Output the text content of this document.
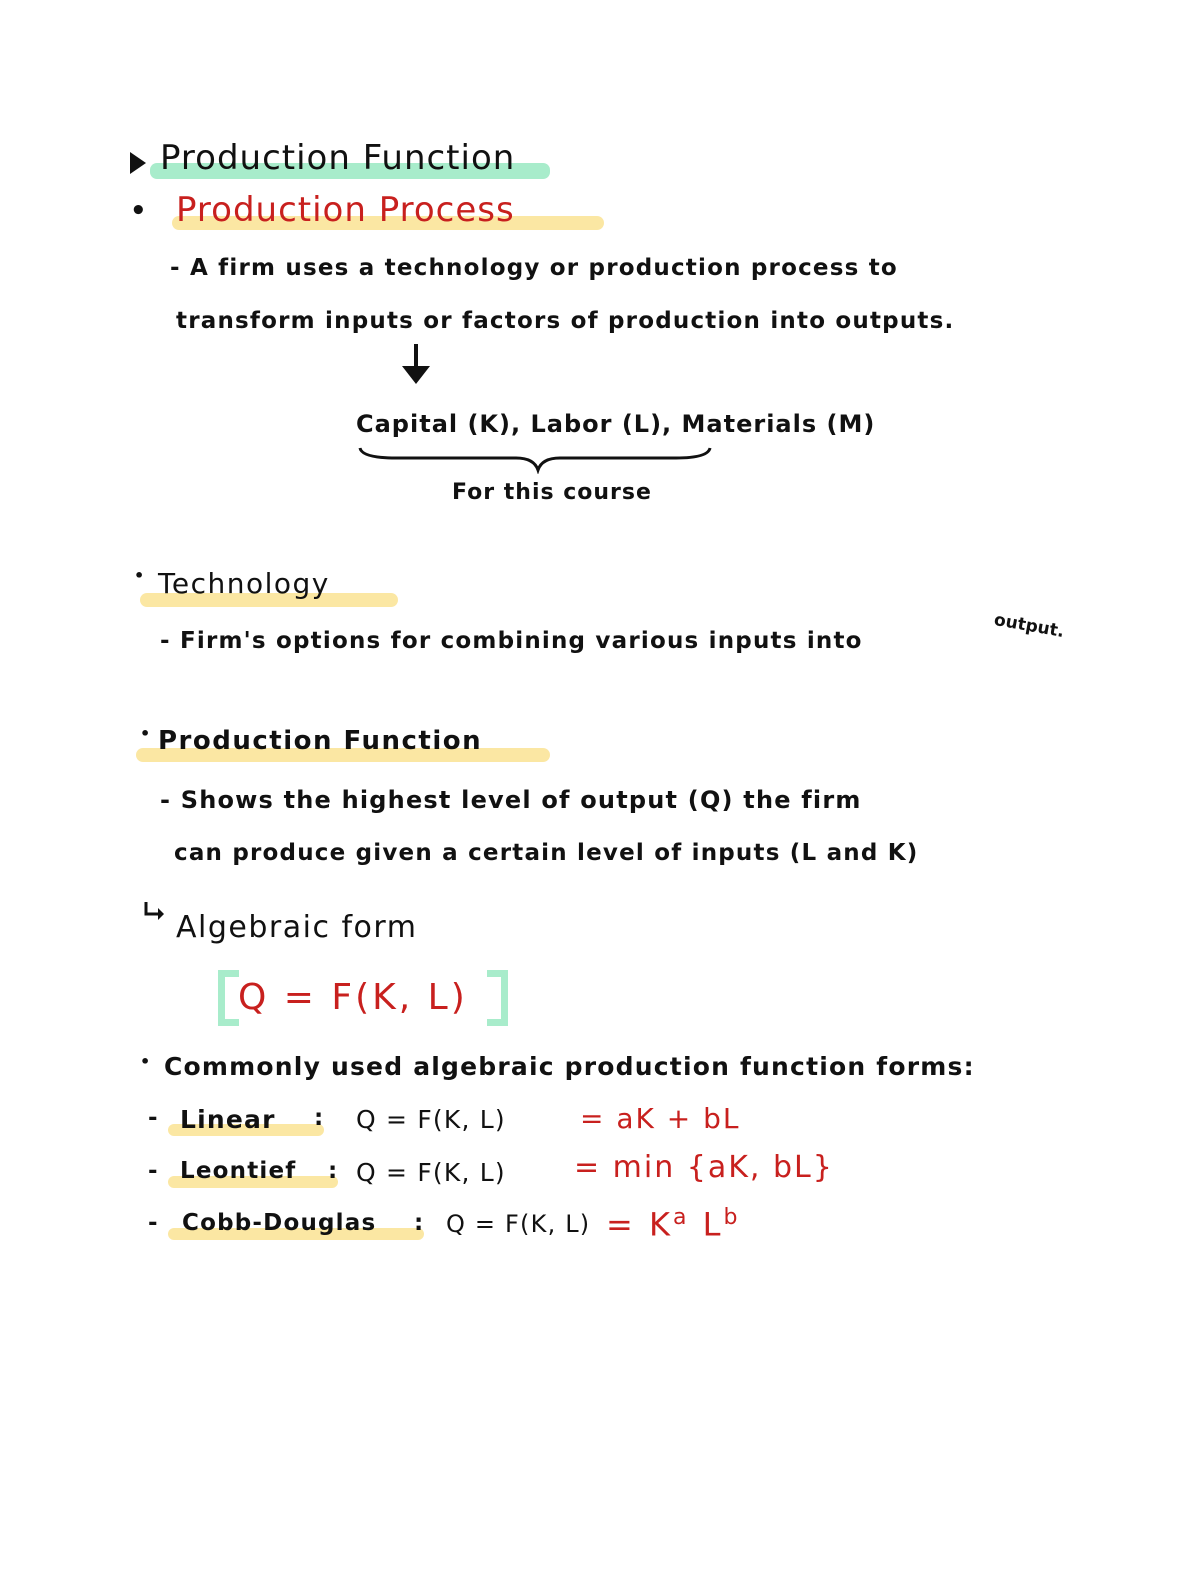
Production Function
• Production Process
- A firm uses a technology or production process to
transform inputs or factors of production into outputs.
Capital (K), Labor (L), Materials (M)
For this course
• Technology
- Firm's options for combining various inputs into	output.
• Production Function
- Shows the highest level of output (Q) the firm
can produce given a certain level of inputs (L and K)
Algebraic form
Q = F(K, L)
• Commonly used algebraic production function forms:
- Linear : Q = F(K, L)	= aK + bL
- Leontief : Q = F(K, L) = min {aK, bL}
- Cobb-Douglas : Q = F(K, $L) = K^a$ $L^b$
